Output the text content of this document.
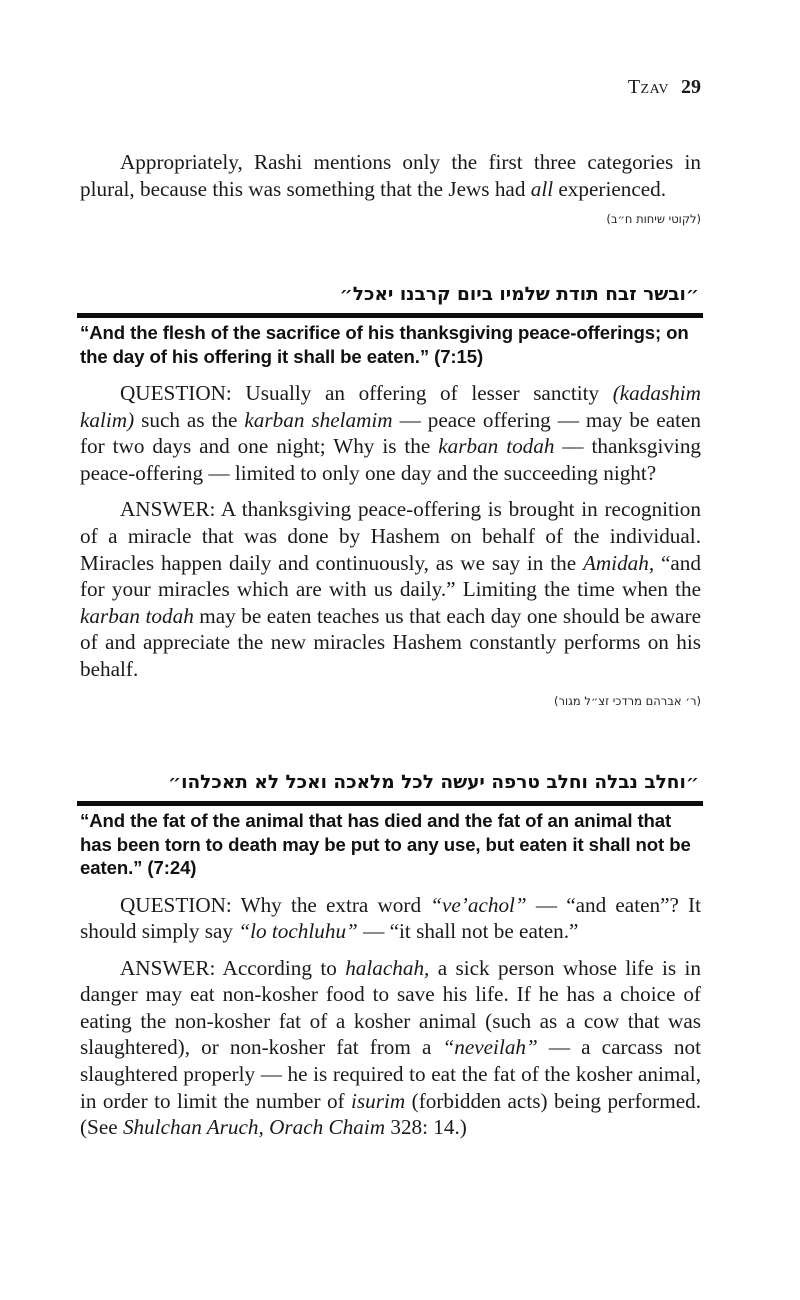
Tzav 29

Appropriately, Rashi mentions only the first three categories in plural, because this was something that the Jews had all experienced.

(לקוטי שיחות ח״ב)

״ובשר זבח תודת שלמיו ביום קרבנו יאכל״

“And the flesh of the sacrifice of his thanksgiving peace-offerings; on the day of his offering it shall be eaten.” (7:15)

QUESTION: Usually an offering of lesser sanctity (kadashim kalim) such as the karban shelamim — peace offering — may be eaten for two days and one night; Why is the karban todah — thanksgiving peace-offering — limited to only one day and the succeeding night?

ANSWER: A thanksgiving peace-offering is brought in recognition of a miracle that was done by Hashem on behalf of the individual. Miracles happen daily and continuously, as we say in the Amidah, “and for your miracles which are with us daily.” Limiting the time when the karban todah may be eaten teaches us that each day one should be aware of and appreciate the new miracles Hashem constantly performs on his behalf.

(ר׳ אברהם מרדכי זצ״ל מגור)

״וחלב נבלה וחלב טרפה יעשה לכל מלאכה ואכל לא תאכלהו״

“And the fat of the animal that has died and the fat of an animal that has been torn to death may be put to any use, but eaten it shall not be eaten.” (7:24)

QUESTION: Why the extra word “ve’achol” — “and eaten”? It should simply say “lo tochluhu” — “it shall not be eaten.”

ANSWER: According to halachah, a sick person whose life is in danger may eat non-kosher food to save his life. If he has a choice of eating the non-kosher fat of a kosher animal (such as a cow that was slaughtered), or non-kosher fat from a “neveilah” — a carcass not slaughtered properly — he is required to eat the fat of the kosher animal, in order to limit the number of isurim (forbidden acts) being performed. (See Shulchan Aruch, Orach Chaim 328: 14.)
